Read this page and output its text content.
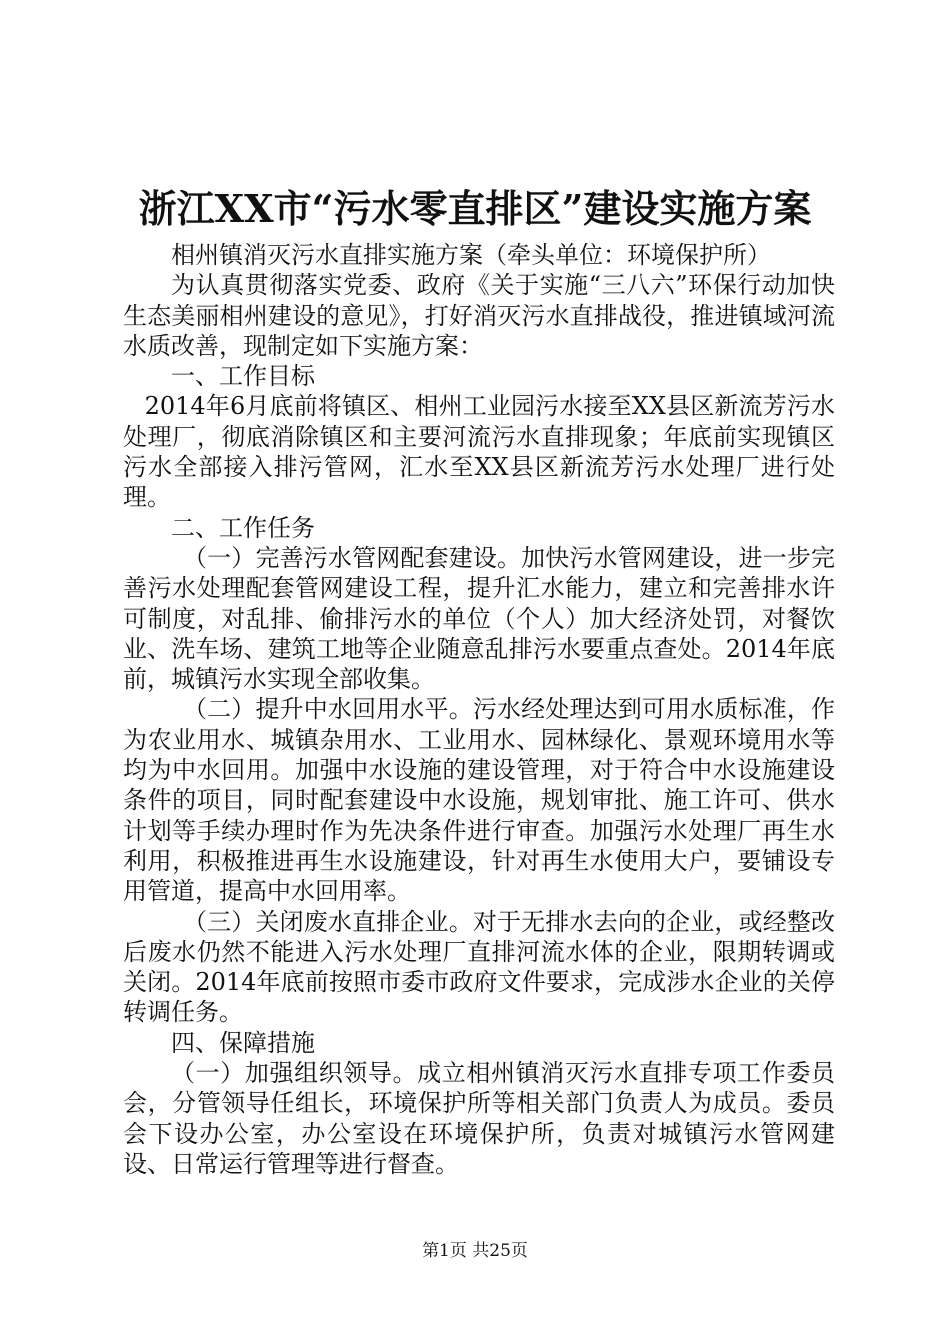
浙江XX市“污水零直排区”建设实施方案

相州镇消灭污水直排实施方案（牵头单位：环境保护所）

为认真贯彻落实党委、政府《关于实施“三八六”环保行动加快生态美丽相州建设的意见》，打好消灭污水直排战役，推进镇域河流水质改善，现制定如下实施方案：

一、工作目标

2014年6月底前将镇区、相州工业园污水接至XX县区新流芳污水处理厂，彻底消除镇区和主要河流污水直排现象；年底前实现镇区污水全部接入排污管网，汇水至XX县区新流芳污水处理厂进行处理。

二、工作任务

（一）完善污水管网配套建设。加快污水管网建设，进一步完善污水处理配套管网建设工程，提升汇水能力，建立和完善排水许可制度，对乱排、偷排污水的单位（个人）加大经济处罚，对餐饮业、洗车场、建筑工地等企业随意乱排污水要重点查处。2014年底前，城镇污水实现全部收集。

（二）提升中水回用水平。污水经处理达到可用水质标准，作为农业用水、城镇杂用水、工业用水、园林绿化、景观环境用水等均为中水回用。加强中水设施的建设管理，对于符合中水设施建设条件的项目，同时配套建设中水设施，规划审批、施工许可、供水计划等手续办理时作为先决条件进行审查。加强污水处理厂再生水利用，积极推进再生水设施建设，针对再生水使用大户，要铺设专用管道，提高中水回用率。

（三）关闭废水直排企业。对于无排水去向的企业，或经整改后废水仍然不能进入污水处理厂直排河流水体的企业，限期转调或关闭。2014年底前按照市委市政府文件要求，完成涉水企业的关停转调任务。

四、保障措施

（一）加强组织领导。成立相州镇消灭污水直排专项工作委员会，分管领导任组长，环境保护所等相关部门负责人为成员。委员会下设办公室，办公室设在环境保护所，负责对城镇污水管网建设、日常运行管理等进行督查。

第1页 共25页
